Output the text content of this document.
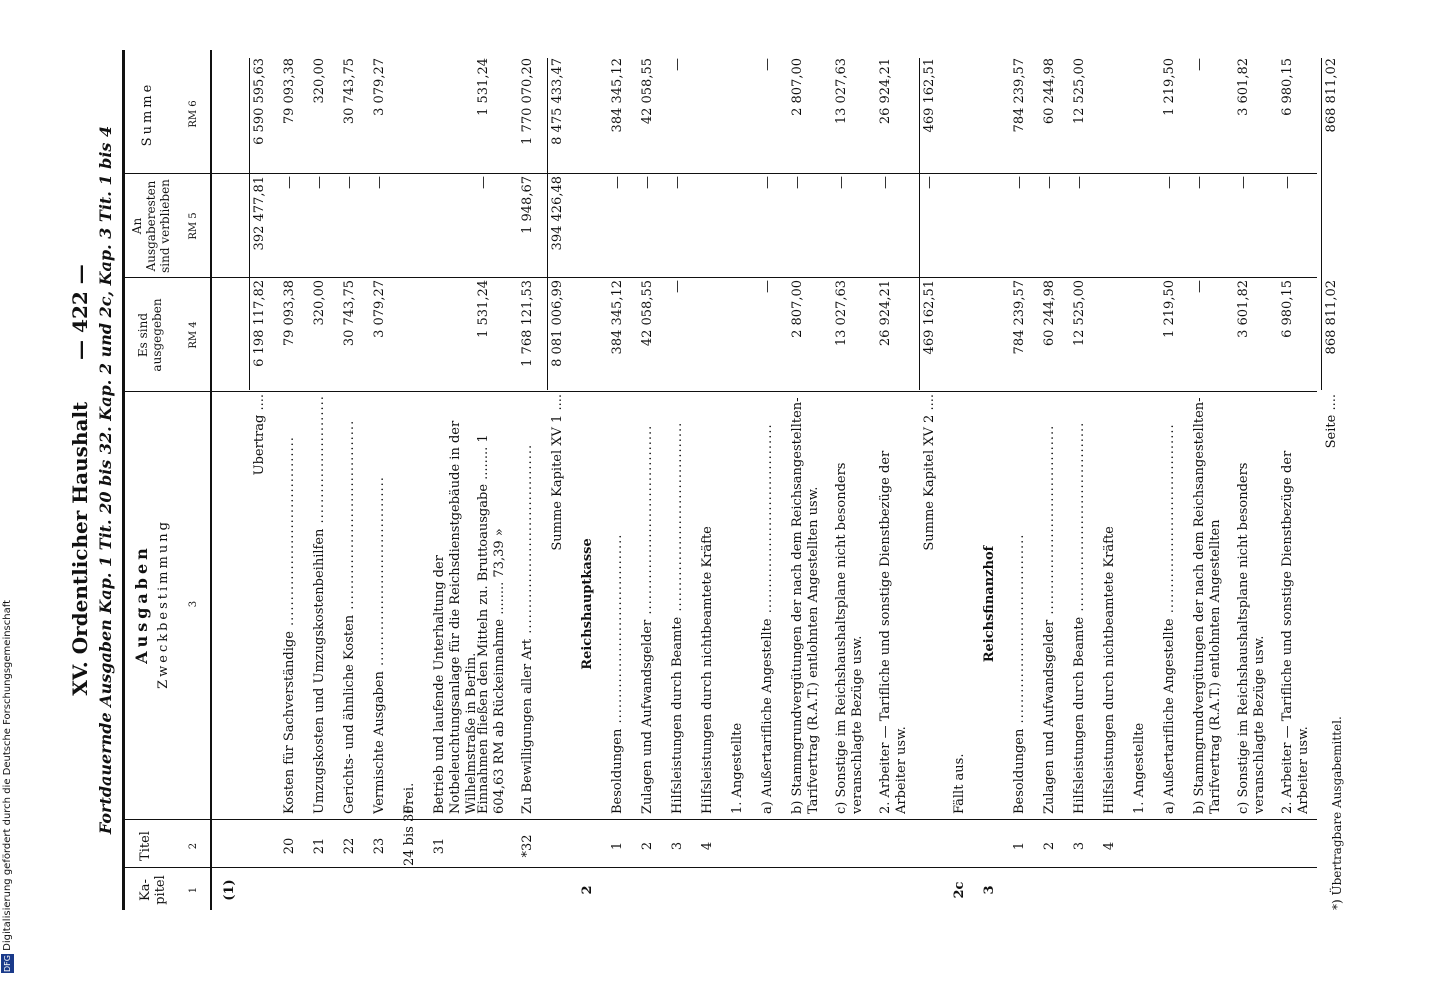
XV. Ordentlicher Haushalt      — 422 — Fortdauernde Ausgaben Kap. 1 Tit. 20 bis 32. Kap. 2 und 2c, Kap. 3 Tit. 1 bis 4
Ka- pitel
Titel
Ausgaben Zweckbestimmung
Es sind ausgegeben
An Ausgaberesten sind verblieben
Summe
1
2
3
RM 4
RM 5
RM 6
(1)
Übertrag ....
6 198 117,82
392 477,81
6 590 595,63
20
Kosten für Sachverständige .....
79 093,38
—
79 093,38
21
Umzugskosten und Umzugskostenbeihilfen .....
320,00
—
320,00
22
Gerichts- und ähnliche Kosten .....
30 743,75
—
30 743,75
23
Vermischte Ausgaben .....
3 079,27
—
3 079,27
24 bis 30
Frei.
31
Betrieb und laufende Unterhaltung der Notbeleuchtungsanlage für die Reichsdienstgebäude in der Wilhelmstraße in Berlin.
Einnahmen fließen den Mitteln zu. Bruttoausgabe ........ 1 604,63 RM ab Rückeinnahme ........ 73,39 »
1 531,24
—
1 531,24
*32
Zu Bewilligungen aller Art .....
1 768 121,53
1 948,67
1 770 070,20
Summe Kapitel XV 1 ....
8 081 006,99
394 426,48
8 475 433,47
2
Reichshauptkasse
1
Besoldungen .....
384 345,12
—
384 345,12
2
Zulagen und Aufwandsgelder .....
42 058,55
—
42 058,55
3
Hilfsleistungen durch Beamte .....
—
—
—
4
Hilfsleistungen durch nichtbeamtete Kräfte 1. Angestellte a) Außertarifliche Angestellte .....
—
—
—
b) Stammgrundvergütungen der nach dem Reichsangestellten-Tarifvertrag (R.A.T.) entlohnten Angestellten usw.
2 807,00
—
2 807,00
c) Sonstige im Reichshaushaltsplane nicht besonders veranschlagte Bezüge usw.
13 027,63
—
13 027,63
2. Arbeiter — Tarifliche und sonstige Dienstbezüge der Arbeiter usw.
26 924,21
—
26 924,21
Summe Kapitel XV 2 ....
469 162,51
—
469 162,51
2c
Fällt aus.
3
Reichsfinanzhof
1
Besoldungen .....
784 239,57
—
784 239,57
2
Zulagen und Aufwandsgelder .....
60 244,98
—
60 244,98
3
Hilfsleistungen durch Beamte .....
12 525,00
—
12 525,00
4
Hilfsleistungen durch nichtbeamtete Kräfte 1. Angestellte a) Außertarifliche Angestellte .....
1 219,50
—
1 219,50
b) Stammgrundvergütungen der nach dem Reichsangestellten-Tarifvertrag (R.A.T.) entlohnten Angestellten
—
—
—
c) Sonstige im Reichshaushaltsplane nicht besonders veranschlagte Bezüge usw.
3 601,82
—
3 601,82
2. Arbeiter — Tarifliche und sonstige Dienstbezüge der Arbeiter usw.
6 980,15
—
6 980,15
Seite ....
868 811,02
868 811,02
*) Übertragbare Ausgabemittel.
DFG Digitalisierung gefördert durch die Deutsche Forschungsgemeinschaft
